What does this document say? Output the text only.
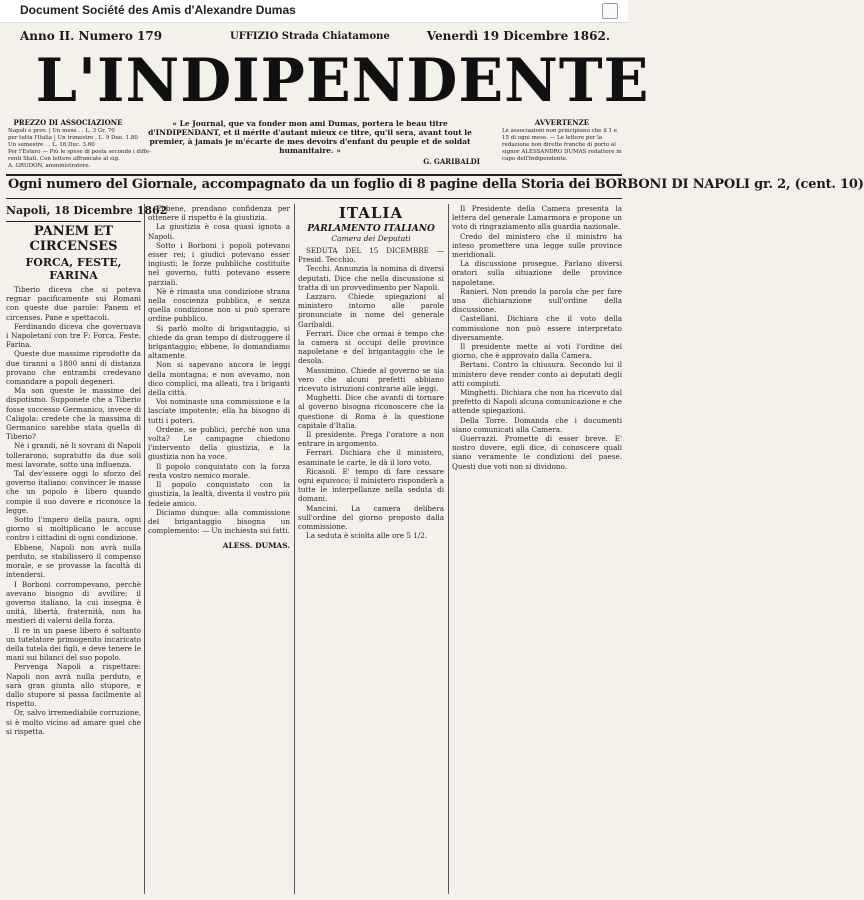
Document Société des Amis d'Alexandre Dumas
Anno II. Numero 179	UFFIZIO Strada Chiatamone	Venerdì 19 Dicembre 1862.
L'INDIPENDENTE
PREZZO DI ASSOCIAZIONE
Napoli e prov. | Un mese . . L. 3 Gr. 70
per tutta l'Italia | Un trimestre . L. 9 Due. 1.80
Un semestre . . L. 18 Duc. 3.60
Per l'Estero — Più le spese di posta secondo i diffe-
renti Stati. Con lettere affrancate al sig.
A. GRUDON, amministratore.
« Le Journal, que va fonder mon ami Dumas, portera le beau titre d'INDIPENDANT, et il mérite d'autant mieux ce titre, qu'il sera, avant tout le premier, à jamais je m'écarte de mes devoirs d'enfant du peuple et de soldat humanitaire. »
G. GARIBALDI
AVVERTENZE
Le associazioni non principiano che il 1 e 15 di ogni mese. — Le lettere per la redazione non dirette franche di porto al signor ALESSANDRO DUMAS redattore in capo dell'Indipendente.
Ogni numero del Giornale, accompagnato da un foglio di 8 pagine della Storia dei BORBONI DI NAPOLI gr. 2, (cent. 10)
Napoli, 18 Dicembre 1862
PANEM ET CIRCENSES
FORCA, FESTE, FARINA

Tiberio diceva che si poteva regnar pacificamente sui Romani con queste due parole: Panem et circenses. Pane e spettacoli.

Ferdinando diceva che governava i Napoletani con tre F: Forca, Feste, Farina.

Queste due massime riprodotte da due tiranni a 1800 anni di distanza provano che entrambi credevano comandare a popoli degeneri.

Ma son queste le massime del dispotismo. Supponete che a Tiberio fosse successo Germanico, invece di Caligola: credete che la massima di Germanico sarebbe stata quella di Tiberio?

Nè i grandi, nè li sovrani di Napoli tollerarono, sopratutto da due soli mesi lavorate, sotto una influenza.

Tal dev'essere oggi lo sforzo del governo italiano: convincer le masse che un popolo è libero quando compie il suo dovere e riconosce la legge.

Sotto l'impero della paura, ogni giorno si moltiplicano le accuse contro i cittadini di ogni condizione.

Ebbene, Napoli non avrà nulla perduto, se stabilissero il compenso morale, e se provasse la facoltà di intendersi.

I Borboni corrompevano, perchè avevano bisogno di avvilire; il governo italiano, la cui insegna è unità, libertà, fraternità, non ha mestieri di valersi della forza.

Il re in un paese libero è soltanto un tutelatore primogenito incaricato della tutela dei figli, e deve tenere le mani sui bilanci del suo popolo.

Pervenga Napoli a rispettare: Napoli non avrà nulla perduto, e sarà gran giunta allo stupore, e dallo stupore si passa facilmente al rispetto.

Or, salvo irremediabile corruzione, si è molto vicino ad amare quel che si rispetta.

Ebbene, prendano confidenza per ottenere il rispetto è la giustizia.

La giustizia è cosa quasi ignota a Napoli.

Sotto i Borboni i popoli potevano esser rei; i giudici potevano esser ingiusti; le forze pubbliche costituite nel governo, tutti potevano essere parziali.

Nè è rimasta una condizione strana nella coscienza pubblica, e senza quella condizione non si può sperare ordine pubblico.

Si parlò molto di brigantaggio, si chiede da gran tempo di distruggere il brigantaggio; ebbene, lo domandiamo altamente.

Non si sapevano ancora le leggi della montagna; e non avevamo, non dico complici, ma alleati, tra i briganti della città.

Voi nominaste una commissione e la lasciate impotente; ella ha bisogno di tutti i poteri.

Ordene, se publici, perchè non una volta? Le campagne chiedono l'intervento della giustizia, e la giustizia non ha voce.

Il popolo conquistato con la forza resta vostro nemico morale.

Il popolo conquistato con la giustizia, la lealtà, diventa il vostro più fedele amico.

Diciamo dunque: alla commissione del brigantaggio bisogna un complemento: — Un inchiesta sui fatti.

ALESS. DUMAS.
ITALIA
PARLAMENTO ITALIANO
Camera dei Deputati

SEDUTA DEL 15 DICEMBRE — Presid. Tecchio.

Tecchi. Annunzia la nomina di diversi deputati. Dice che nella discussione si tratta di un provvedimento per Napoli.

Lazzaro. Chiede spiegazioni al ministero intorno alle parole pronunciate in nome del generale Garibaldi.

Ferrari. Dice che ormai è tempo che la camera si occupi delle province napoletane e del brigantaggio che le desola.

Massimino. Chiede al governo se sia vero che alcuni prefetti abbiano ricevuto istruzioni contrarie alle leggi.

Mughetti. Dice che avanti di tornare al governo bisogna riconoscere che la questione di Roma è la questione capitale d'Italia.

Il presidente. Prega l'oratore a non entrare in argomento.

Ferrari. Dichiara che il ministero, esaminate le carte, le dà il loro voto.

Ricasoli. E' tempo di fare cessare ogni equivoco; il ministero risponderà a tutte le interpellanze nella seduta di domani.

Mancini. La camera delibera sull'ordine del giorno proposto dalla commissione.

La seduta è sciolta alle ore 5 1/2.

Il Presidente della Camera presenta la lettera del generale Lamarmora e propone un voto di ringraziamento alla guardia nazionale.

Credo del ministero che il ministro ha inteso promettere una legge sulle province meridionali.

La discussione prosegue. Parlano diversi oratori sulla situazione delle province napoletane.

Ranieri. Non prendo la parola che per fare una dichiarazione sull'ordine della discussione.

Castellani. Dichiara che il voto della commissione non può essere interpretato diversamente.

Il presidente mette ai voti l'ordine del giorno, che è approvato dalla Camera.

Bertani. Contro la chiusura. Secondo lui il ministero deve render conto ai deputati degli atti compiuti.

Minghetti. Dichiara che non ha ricevuto dal prefetto di Napoli alcuna comunicazione e che attende spiegazioni.

Della Torre. Domanda che i documenti siano comunicati alla Camera.

Guerrazzi. Promette di esser breve. E' nostro dovere, egli dice, di conoscere quali siano veramente le condizioni del paese. Questi due voti non si dividono.
